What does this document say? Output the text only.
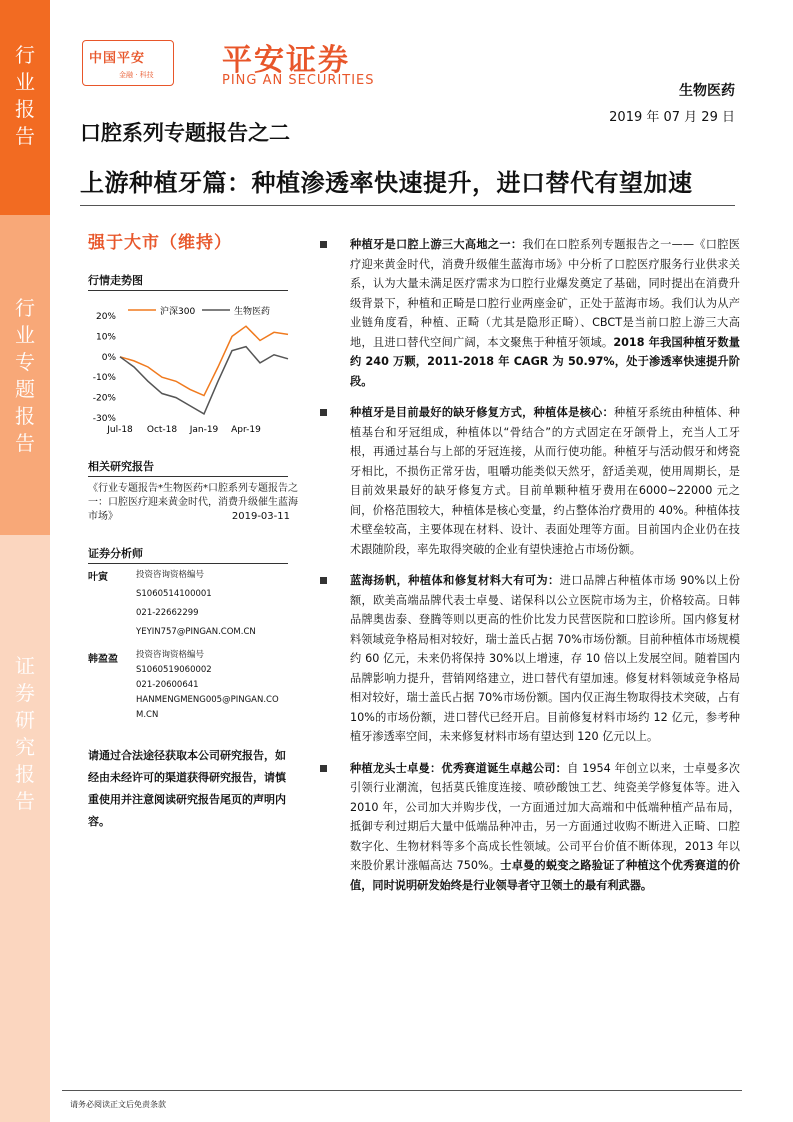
行
业
报
告
行
业
专
题
报
告
证
券
研
究
报
告
中国平安
金融 · 科技 平安证券
PING AN SECURITIES
生物医药
2019 年 07 月 29 日
口腔系列专题报告之二
上游种植牙篇：种植渗透率快速提升，进口替代有望加速
强于大市（维持）
行情走势图
沪深300	生物医药
20%
10%
0%
-10%
-20%
-30%
Jul-18 Oct-18 Jan-19 Apr-19
相关研究报告
《行业专题报告*生物医药*口腔系列专题报告之一：口腔医疗迎来黄金时代，消费升级催生蓝海市场》	2019-03-11
证券分析师
叶寅	投资咨询资格编号
S1060514100001
021-22662299
YEYIN757@PINGAN.COM.CN
韩盈盈 投资咨询资格编号
S1060519060002
021-20600641
HANMENGMENG005@PINGAN.CO
M.CN
请通过合法途径获取本公司研究报告，如经由未经许可的渠道获得研究报告，请慎重使用并注意阅读研究报告尾页的声明内容。
种植牙是口腔上游三大高地之一：我们在口腔系列专题报告之一——《口腔医疗迎来黄金时代，消费升级催生蓝海市场》中分析了口腔医疗服务行业供求关系，认为大量未满足医疗需求为口腔行业爆发奠定了基础，同时提出在消费升级背景下，种植和正畸是口腔行业两座金矿，正处于蓝海市场。我们认为从产业链角度看，种植、正畸（尤其是隐形正畸）、CBCT是当前口腔上游三大高地，且进口替代空间广阔，本文聚焦于种植牙领域。2018 年我国种植牙数量约 240 万颗，2011-2018 年 CAGR 为 50.97%，处于渗透率快速提升阶段。
种植牙是目前最好的缺牙修复方式，种植体是核心：种植牙系统由种植体、种植基台和牙冠组成，种植体以“骨结合”的方式固定在牙颌骨上，充当人工牙根，再通过基台与上部的牙冠连接，从而行使功能。种植牙与活动假牙和烤瓷牙相比，不损伤正常牙齿，咀嚼功能类似天然牙，舒适美观，使用周期长，是目前效果最好的缺牙修复方式。目前单颗种植牙费用在6000~22000 元之间，价格范围较大，种植体是核心变量，约占整体治疗费用的 40%。种植体技术壁垒较高，主要体现在材料、设计、表面处理等方面。目前国内企业仍在技术跟随阶段，率先取得突破的企业有望快速抢占市场份额。
蓝海扬帆，种植体和修复材料大有可为：进口品牌占种植体市场 90%以上份额，欧美高端品牌代表士卓曼、诺保科以公立医院市场为主，价格较高。日韩品牌奥齿泰、登腾等则以更高的性价比发力民营医院和口腔诊所。国内修复材料领域竞争格局相对较好，瑞士盖氏占据 70%市场份额。目前种植体市场规模约 60 亿元，未来仍将保持 30%以上增速，存 10 倍以上发展空间。随着国内品牌影响力提升，营销网络建立，进口替代有望加速。修复材料领域竞争格局相对较好，瑞士盖氏占据 70%市场份额。国内仅正海生物取得技术突破，占有 10%的市场份额，进口替代已经开启。目前修复材料市场约 12 亿元，参考种植牙渗透率空间，未来修复材料市场有望达到 120 亿元以上。
种植龙头士卓曼：优秀赛道诞生卓越公司：自 1954 年创立以来，士卓曼多次引领行业潮流，包括莫氏锥度连接、喷砂酸蚀工艺、纯瓷美学修复体等。进入 2010 年，公司加大并购步伐，一方面通过加大高端和中低端种植产品布局，抵御专利过期后大量中低端品种冲击，另一方面通过收购不断进入正畸、口腔数字化、生物材料等多个高成长性领域。公司平台价值不断体现，2013 年以来股价累计涨幅高达 750%。士卓曼的蜕变之路验证了种植这个优秀赛道的价值，同时说明研发始终是行业领导者守卫领土的最有利武器。
请务必阅读正文后免责条款
